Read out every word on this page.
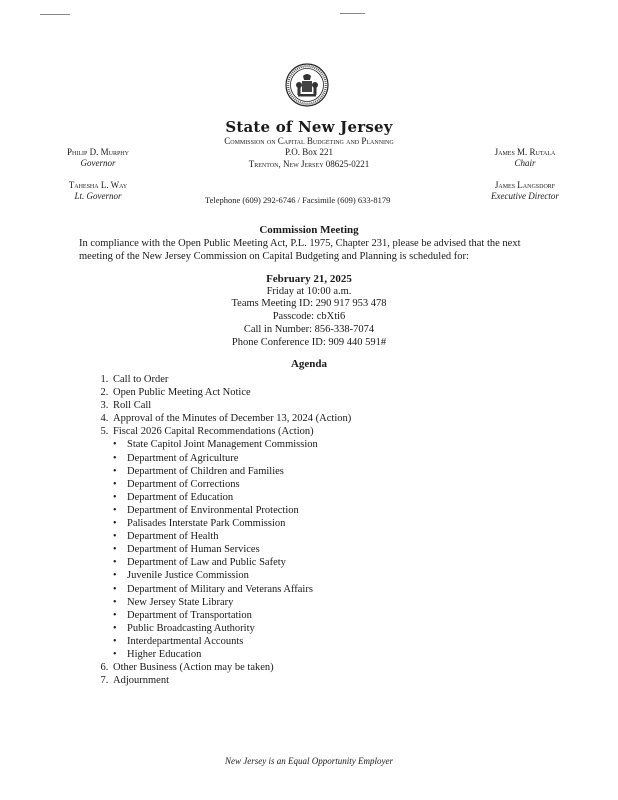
State of New Jersey
Commission on Capital Budgeting and Planning
P.O. Box 221
Trenton, New Jersey 08625-0221
Philip D. Murphy
Governor
Tahesha L. Way
Lt. Governor
James M. Rutala
Chair
James Langsdorf
Executive Director
Telephone (609) 292-6746 / Facsimile (609) 633-8179
Commission Meeting
In compliance with the Open Public Meeting Act, P.L. 1975, Chapter 231, please be advised that the next meeting of the New Jersey Commission on Capital Budgeting and Planning is scheduled for:
February 21, 2025
Friday at 10:00 a.m.
Teams Meeting ID: 290 917 953 478
Passcode: cbXti6
Call in Number: 856-338-7074
Phone Conference ID: 909 440 591#
Agenda
1. Call to Order
2. Open Public Meeting Act Notice
3. Roll Call
4. Approval of the Minutes of December 13, 2024 (Action)
5. Fiscal 2026 Capital Recommendations (Action)
• State Capitol Joint Management Commission
• Department of Agriculture
• Department of Children and Families
• Department of Corrections
• Department of Education
• Department of Environmental Protection
• Palisades Interstate Park Commission
• Department of Health
• Department of Human Services
• Department of Law and Public Safety
• Juvenile Justice Commission
• Department of Military and Veterans Affairs
• New Jersey State Library
• Department of Transportation
• Public Broadcasting Authority
• Interdepartmental Accounts
• Higher Education
6. Other Business (Action may be taken)
7. Adjournment
New Jersey is an Equal Opportunity Employer
